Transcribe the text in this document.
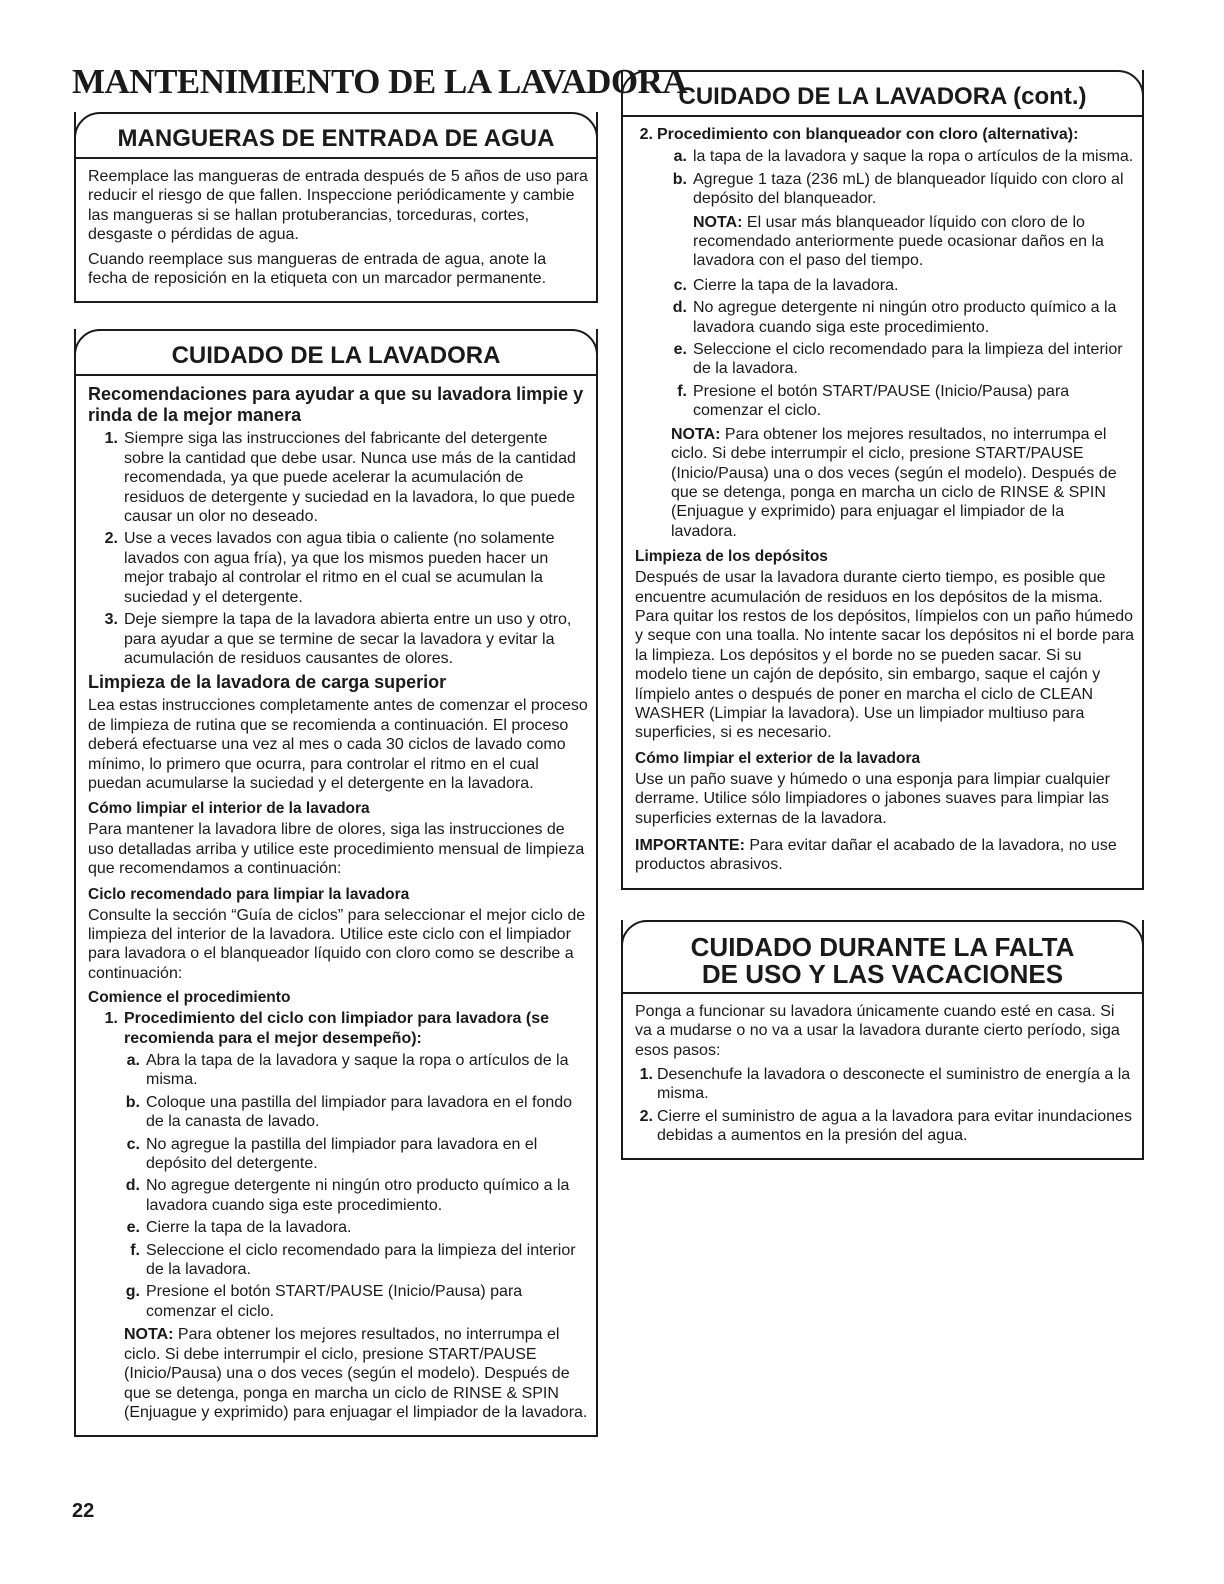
MANTENIMIENTO DE LA LAVADORA
MANGUERAS DE ENTRADA DE AGUA

Reemplace las mangueras de entrada después de 5 años de uso para reducir el riesgo de que fallen. Inspeccione periódicamente y cambie las mangueras si se hallan protuberancias, torceduras, cortes, desgaste o pérdidas de agua.

Cuando reemplace sus mangueras de entrada de agua, anote la fecha de reposición en la etiqueta con un marcador permanente.

CUIDADO DE LA LAVADORA
Recomendaciones para ayudar a que su lavadora limpie y rinda de la mejor manera
1. Siempre siga las instrucciones del fabricante del detergente sobre la cantidad que debe usar. Nunca use más de la cantidad recomendada, ya que puede acelerar la acumulación de residuos de detergente y suciedad en la lavadora, lo que puede causar un olor no deseado.
2. Use a veces lavados con agua tibia o caliente (no solamente lavados con agua fría), ya que los mismos pueden hacer un mejor trabajo al controlar el ritmo en el cual se acumulan la suciedad y el detergente.
3. Deje siempre la tapa de la lavadora abierta entre un uso y otro, para ayudar a que se termine de secar la lavadora y evitar la acumulación de residuos causantes de olores.
Limpieza de la lavadora de carga superior

Lea estas instrucciones completamente antes de comenzar el proceso de limpieza de rutina que se recomienda a continuación. El proceso deberá efectuarse una vez al mes o cada 30 ciclos de lavado como mínimo, lo primero que ocurra, para controlar el ritmo en el cual puedan acumularse la suciedad y el detergente en la lavadora.

Cómo limpiar el interior de la lavadora

Para mantener la lavadora libre de olores, siga las instrucciones de uso detalladas arriba y utilice este procedimiento mensual de limpieza que recomendamos a continuación:

Ciclo recomendado para limpiar la lavadora

Consulte la sección “Guía de ciclos” para seleccionar el mejor ciclo de limpieza del interior de la lavadora. Utilice este ciclo con el limpiador para lavadora o el blanqueador líquido con cloro como se describe a continuación:

Comience el procedimiento
1. Procedimiento del ciclo con limpiador para lavadora (se recomienda para el mejor desempeño):
a. Abra la tapa de la lavadora y saque la ropa o artículos de la misma.
b. Coloque una pastilla del limpiador para lavadora en el fondo de la canasta de lavado.
c. No agregue la pastilla del limpiador para lavadora en el depósito del detergente.
d. No agregue detergente ni ningún otro producto químico a la lavadora cuando siga este procedimiento.
e. Cierre la tapa de la lavadora.
f. Seleccione el ciclo recomendado para la limpieza del interior de la lavadora.
g. Presione el botón START/PAUSE (Inicio/Pausa) para comenzar el ciclo.

NOTA: Para obtener los mejores resultados, no interrumpa el ciclo. Si debe interrumpir el ciclo, presione START/PAUSE (Inicio/Pausa) una o dos veces (según el modelo). Después de que se detenga, ponga en marcha un ciclo de RINSE & SPIN (Enjuague y exprimido) para enjuagar el limpiador de la lavadora.

CUIDADO DE LA LAVADORA (cont.)
2. Procedimiento con blanqueador con cloro (alternativa):
a. la tapa de la lavadora y saque la ropa o artículos de la misma.
b. Agregue 1 taza (236 mL) de blanqueador líquido con cloro al depósito del blanqueador.

NOTA: El usar más blanqueador líquido con cloro de lo recomendado anteriormente puede ocasionar daños en la lavadora con el paso del tiempo.

c. Cierre la tapa de la lavadora.
d. No agregue detergente ni ningún otro producto químico a la lavadora cuando siga este procedimiento.
e. Seleccione el ciclo recomendado para la limpieza del interior de la lavadora.
f. Presione el botón START/PAUSE (Inicio/Pausa) para comenzar el ciclo.

NOTA: Para obtener los mejores resultados, no interrumpa el ciclo. Si debe interrumpir el ciclo, presione START/PAUSE (Inicio/Pausa) una o dos veces (según el modelo). Después de que se detenga, ponga en marcha un ciclo de RINSE & SPIN (Enjuague y exprimido) para enjuagar el limpiador de la lavadora.

Limpieza de los depósitos

Después de usar la lavadora durante cierto tiempo, es posible que encuentre acumulación de residuos en los depósitos de la misma. Para quitar los restos de los depósitos, límpielos con un paño húmedo y seque con una toalla. No intente sacar los depósitos ni el borde para la limpieza. Los depósitos y el borde no se pueden sacar. Si su modelo tiene un cajón de depósito, sin embargo, saque el cajón y límpielo antes o después de poner en marcha el ciclo de CLEAN WASHER (Limpiar la lavadora). Use un limpiador multiuso para superficies, si es necesario.

Cómo limpiar el exterior de la lavadora

Use un paño suave y húmedo o una esponja para limpiar cualquier derrame. Utilice sólo limpiadores o jabones suaves para limpiar las superficies externas de la lavadora.

IMPORTANTE: Para evitar dañar el acabado de la lavadora, no use productos abrasivos.

CUIDADO DURANTE LA FALTA
DE USO Y LAS VACACIONES

Ponga a funcionar su lavadora únicamente cuando esté en casa. Si va a mudarse o no va a usar la lavadora durante cierto período, siga esos pasos:

1. Desenchufe la lavadora o desconecte el suministro de energía a la misma.
2. Cierre el suministro de agua a la lavadora para evitar inundaciones debidas a aumentos en la presión del agua.
22
